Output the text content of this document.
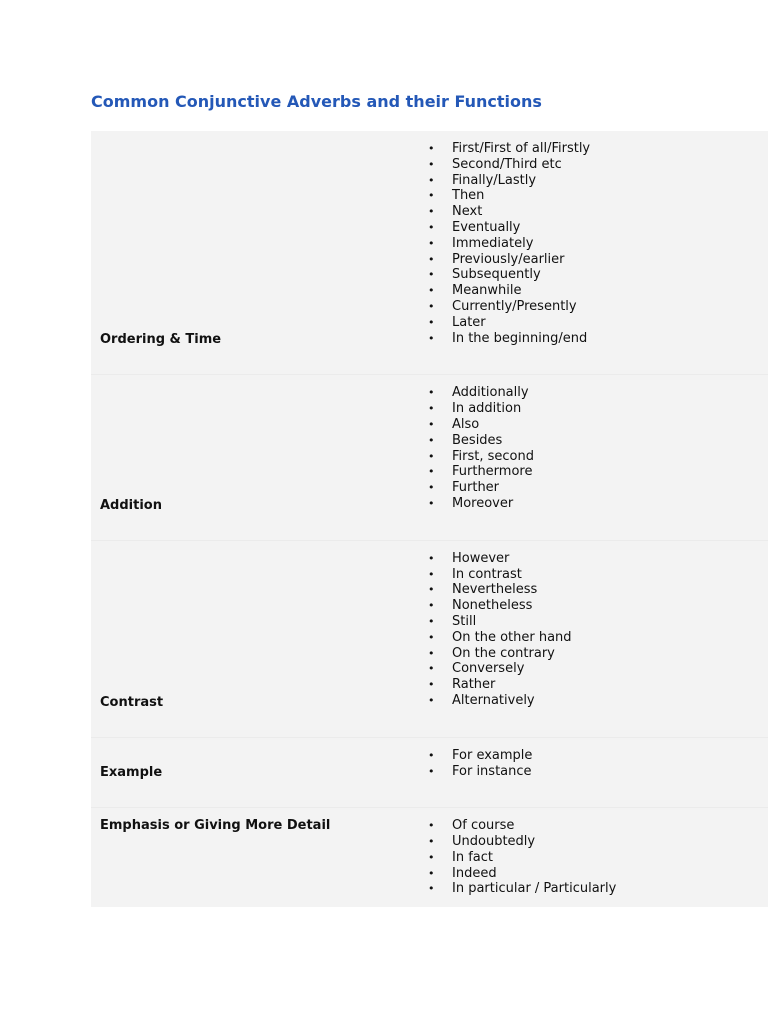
Common Conjunctive Adverbs and their Functions
Ordering & Time
•	First/First of all/Firstly
•	Second/Third etc
•	Finally/Lastly
•	Then
•	Next
•	Eventually
•	Immediately
•	Previously/earlier
•	Subsequently
•	Meanwhile
•	Currently/Presently
•	Later
•	In the beginning/end
Addition
•	Additionally
•	In addition
•	Also
•	Besides
•	First, second
•	Furthermore
•	Further
•	Moreover
Contrast
•	However
•	In contrast
•	Nevertheless
•	Nonetheless
•	Still
•	On the other hand
•	On the contrary
•	Conversely
•	Rather
•	Alternatively
Example
•	For example
•	For instance
Emphasis or Giving More Detail	•	Of course
•	Undoubtedly
•	In fact
•	Indeed
•	In particular / Particularly
